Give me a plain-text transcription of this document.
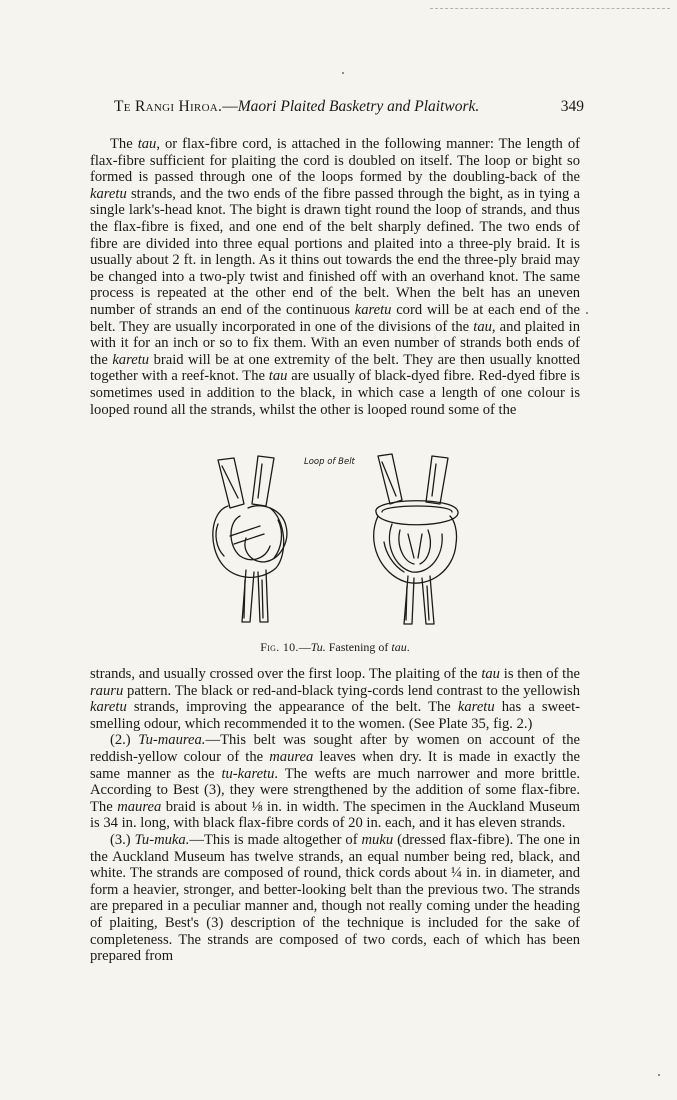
Te Rangi Hiroa.—Maori Plaited Basketry and Plaitwork.	349

The tau, or flax-fibre cord, is attached in the following manner: The length of flax-fibre sufficient for plaiting the cord is doubled on itself. The loop or bight so formed is passed through one of the loops formed by the doubling-back of the karetu strands, and the two ends of the fibre passed through the bight, as in tying a single lark's-head knot. The bight is drawn tight round the loop of strands, and thus the flax-fibre is fixed, and one end of the belt sharply defined. The two ends of fibre are divided into three equal portions and plaited into a three-ply braid. It is usually about 2 ft. in length. As it thins out towards the end the three-ply braid may be changed into a two-ply twist and finished off with an overhand knot. The same process is repeated at the other end of the belt. When the belt has an uneven number of strands an end of the continuous karetu cord will be at each end of the belt. They are usually incorporated in one of the divisions of the tau, and plaited in with it for an inch or so to fix them. With an even number of strands both ends of the karetu braid will be at one extremity of the belt. They are then usually knotted together with a reef-knot. The tau are usually of black-dyed fibre. Red-dyed fibre is sometimes used in addition to the black, in which case a length of one colour is looped round all the strands, whilst the other is looped round some of the

Loop of Belt
Fig. 10.—Tu. Fastening of tau.

strands, and usually crossed over the first loop. The plaiting of the tau is then of the rauru pattern. The black or red-and-black tying-cords lend contrast to the yellowish karetu strands, improving the appearance of the belt. The karetu has a sweet-smelling odour, which recommended it to the women. (See Plate 35, fig. 2.)

(2.) Tu-maurea.—This belt was sought after by women on account of the reddish-yellow colour of the maurea leaves when dry. It is made in exactly the same manner as the tu-karetu. The wefts are much narrower and more brittle. According to Best (3), they were strengthened by the addition of some flax-fibre. The maurea braid is about ⅛ in. in width. The specimen in the Auckland Museum is 34 in. long, with black flax-fibre cords of 20 in. each, and it has eleven strands.

(3.) Tu-muka.—This is made altogether of muku (dressed flax-fibre). The one in the Auckland Museum has twelve strands, an equal number being red, black, and white. The strands are composed of round, thick cords about ¼ in. in diameter, and form a heavier, stronger, and better-looking belt than the previous two. The strands are prepared in a peculiar manner and, though not really coming under the heading of plaiting, Best's (3) description of the technique is included for the sake of completeness. The strands are composed of two cords, each of which has been prepared from
